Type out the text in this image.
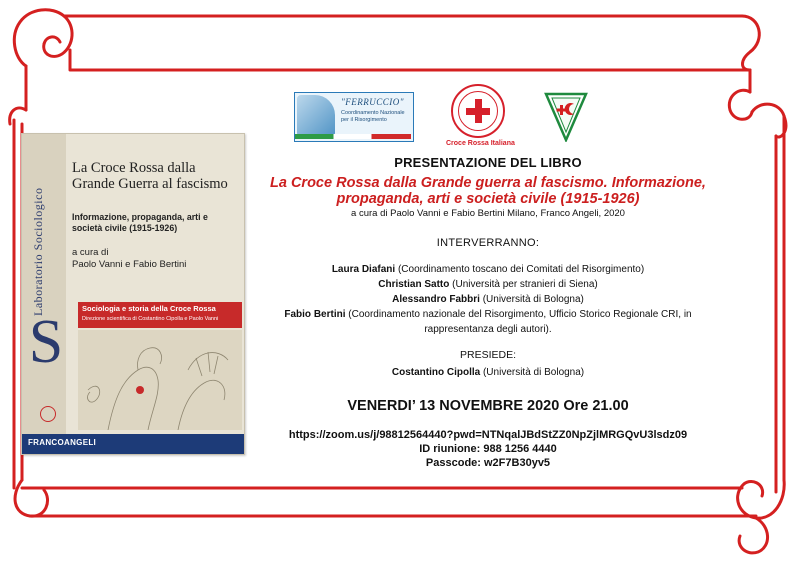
"FERRUCCIO"
Coordinamento Nazionale per il Risorgimento
Croce Rossa Italiana
PRESENTAZIONE DEL LIBRO
La Croce Rossa dalla Grande guerra al fascismo. Informazione, propaganda, arti e società civile (1915-1926)
a cura di Paolo Vanni e Fabio Bertini Milano, Franco Angeli, 2020
INTERVERRANNO:
Laura Diafani (Coordinamento toscano dei Comitati del Risorgimento)
Christian Satto (Università per stranieri di Siena)
Alessandro Fabbri (Università di Bologna)
Fabio Bertini (Coordinamento nazionale del Risorgimento, Ufficio Storico Regionale CRI, in rappresentanza degli autori).
PRESIEDE:
Costantino Cipolla (Università di Bologna)
VENERDI’ 13 NOVEMBRE 2020 Ore 21.00
https://zoom.us/j/98812564440?pwd=NTNqalJBdStZZ0NpZjlMRGQvU3lsdz09
ID riunione: 988 1256 4440
Passcode: w2F7B30yv5
Laboratorio Sociologico
La Croce Rossa dalla Grande Guerra al fascismo
Informazione, propaganda, arti e società civile (1915-1926)
a cura di
Paolo Vanni e Fabio Bertini
S	Sociologia e storia della Croce Rossa
Direzione scientifica di Costantino Cipolla e Paolo Vanni
FRANCOANGELI
